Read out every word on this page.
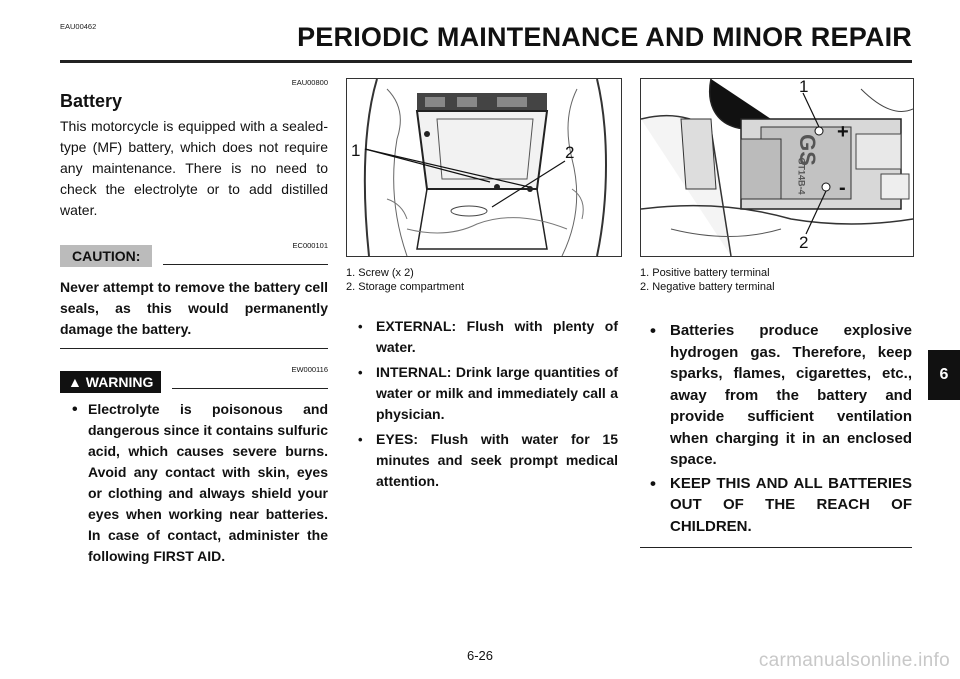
EAU00462	PERIODIC MAINTENANCE AND MINOR REPAIR
EAU00800
Battery
This motorcycle is equipped with a sealed-type (MF) battery, which does not require any maintenance. There is no need to check the electrolyte or to add distilled water.
EC000101
CAUTION:
Never attempt to remove the battery cell seals, as this would permanently damage the battery.
EW000116
▲ WARNING
• Electrolyte is poisonous and dangerous since it contains sulfuric acid, which causes severe burns. Avoid any contact with skin, eyes or clothing and always shield your eyes when working near batteries. In case of contact, administer the following FIRST AID.
1	2
1. Screw (x 2)
2. Storage compartment
• EXTERNAL: Flush with plenty of water.
• INTERNAL: Drink large quantities of water or milk and immediately call a physician.
• EYES: Flush with water for 15 minutes and seek prompt medical attention.
1
2
GS
GT14B-4
+
-
1. Positive battery terminal
2. Negative battery terminal
• Batteries produce explosive hydrogen gas. Therefore, keep sparks, flames, cigarettes, etc., away from the battery and provide sufficient ventilation when charging it in an enclosed space.
• KEEP THIS AND ALL BATTERIES OUT OF THE REACH OF CHILDREN.
6
6-26	carmanualsonline.info
